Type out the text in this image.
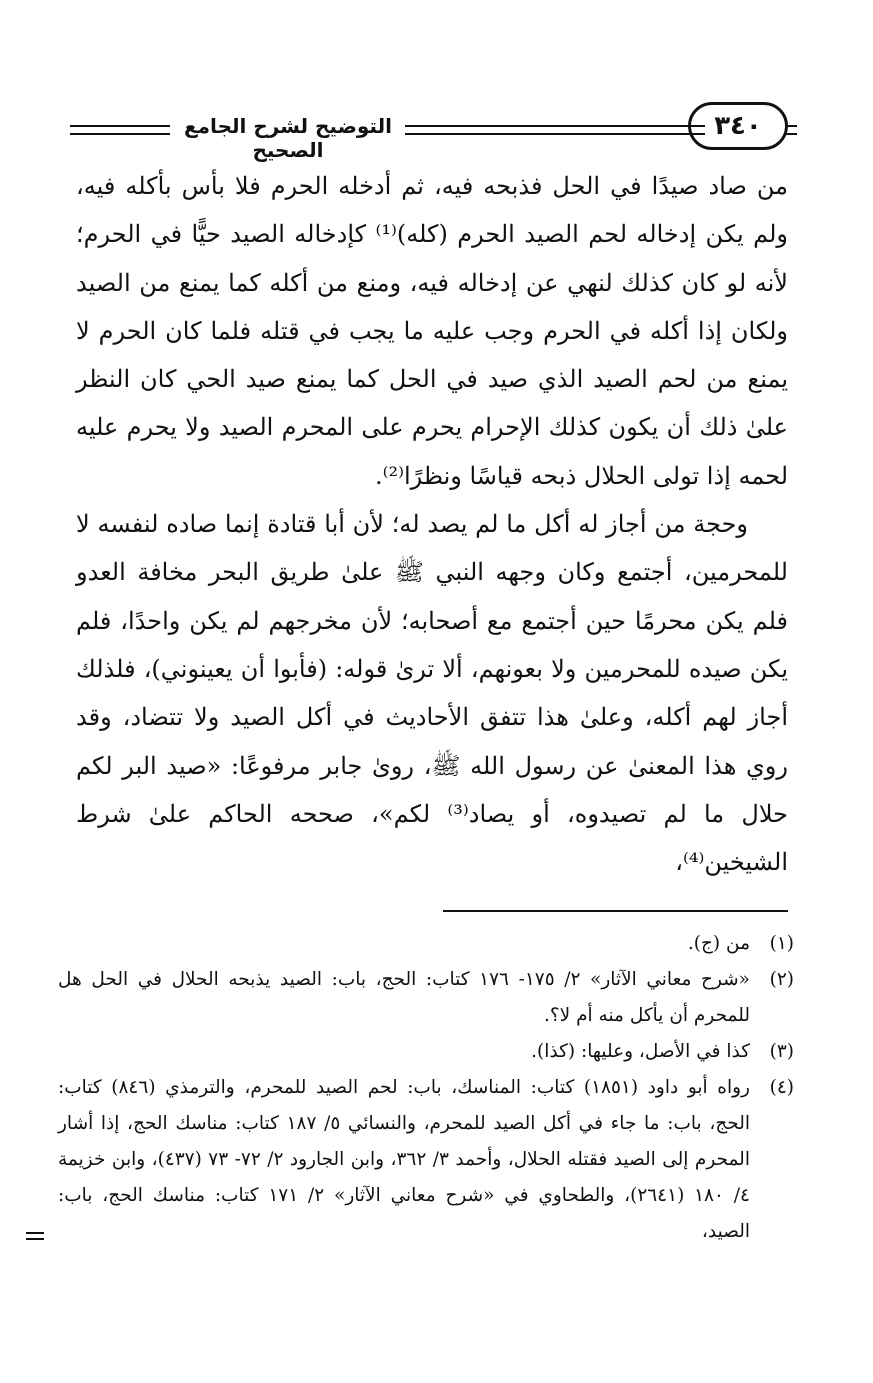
التوضيح لشرح الجامع الصحيح
٣٤٠

من صاد صيدًا في الحل فذبحه فيه، ثم أدخله الحرم فلا بأس بأكله فيه، ولم يكن إدخاله لحم الصيد الحرم (كله)⁽¹⁾ كإدخاله الصيد حيًّا في الحرم؛ لأنه لو كان كذلك لنهي عن إدخاله فيه، ومنع من أكله كما يمنع من الصيد ولكان إذا أكله في الحرم وجب عليه ما يجب في قتله فلما كان الحرم لا يمنع من لحم الصيد الذي صيد في الحل كما يمنع صيد الحي كان النظر علىٰ ذلك أن يكون كذلك الإحرام يحرم على المحرم الصيد ولا يحرم عليه لحمه إذا تولى الحلال ذبحه قياسًا ونظرًا⁽²⁾.

وحجة من أجاز له أكل ما لم يصد له؛ لأن أبا قتادة إنما صاده لنفسه لا للمحرمين، أجتمع وكان وجهه النبي ﷺ علىٰ طريق البحر مخافة العدو فلم يكن محرمًا حين أجتمع مع أصحابه؛ لأن مخرجهم لم يكن واحدًا، فلم يكن صيده للمحرمين ولا بعونهم، ألا ترىٰ قوله: (فأبوا أن يعينوني)، فلذلك أجاز لهم أكله، وعلىٰ هذا تتفق الأحاديث في أكل الصيد ولا تتضاد، وقد روي هذا المعنىٰ عن رسول الله ﷺ، روىٰ جابر مرفوعًا: «صيد البر لكم حلال ما لم تصيدوه، أو يصاد⁽³⁾ لكم»، صححه الحاكم علىٰ شرط الشيخين⁽⁴⁾،

(١)
من (ج).
(٢)
«شرح معاني الآثار» ٢/ ١٧٥- ١٧٦ كتاب: الحج، باب: الصيد يذبحه الحلال في الحل هل للمحرم أن يأكل منه أم لا؟.
(٣)
كذا في الأصل، وعليها: (كذا).
(٤)
رواه أبو داود (١٨٥١) كتاب: المناسك، باب: لحم الصيد للمحرم، والترمذي (٨٤٦) كتاب: الحج، باب: ما جاء في أكل الصيد للمحرم، والنسائي ٥/ ١٨٧ كتاب: مناسك الحج، إذا أشار المحرم إلى الصيد فقتله الحلال، وأحمد ٣/ ٣٦٢، وابن الجارود ٢/ ٧٢- ٧٣ (٤٣٧)، وابن خزيمة ٤/ ١٨٠ (٢٦٤١)، والطحاوي في «شرح معاني الآثار» ٢/ ١٧١ كتاب: مناسك الحج، باب: الصيد،
